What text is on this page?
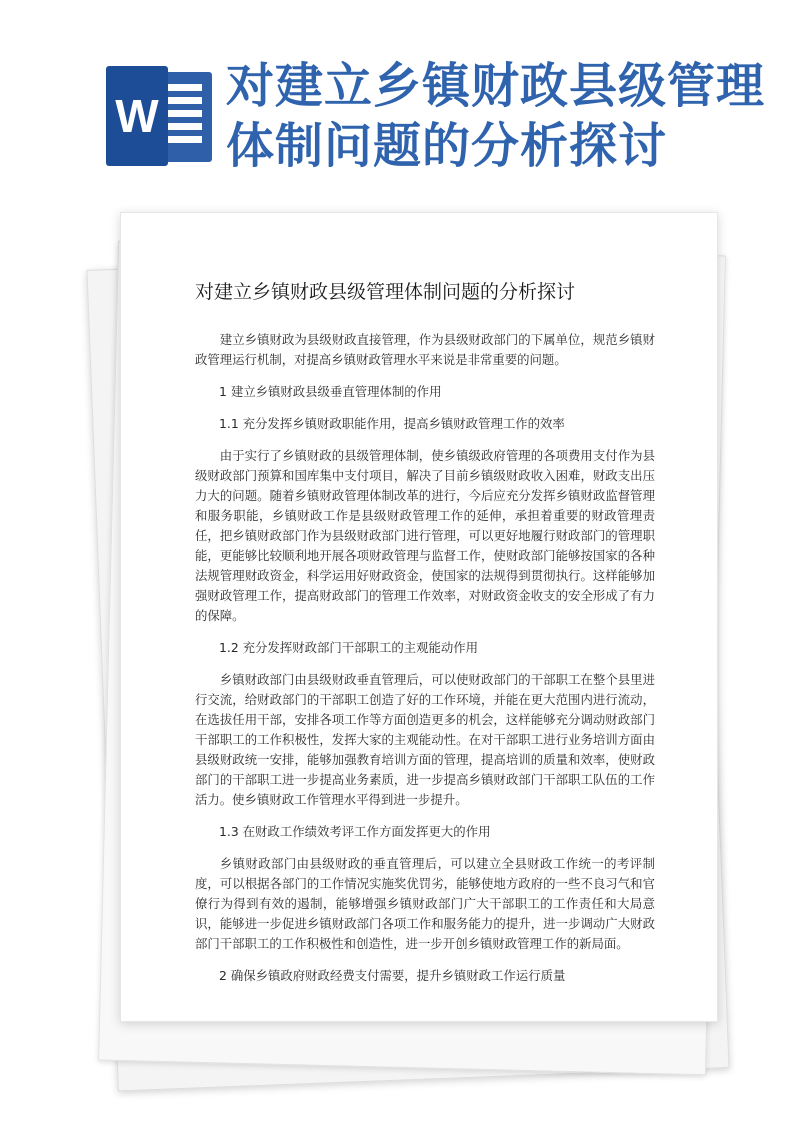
W
对建立乡镇财政县级管理体制问题的分析探讨
对建立乡镇财政县级管理体制问题的分析探讨

建立乡镇财政为县级财政直接管理，作为县级财政部门的下属单位，规范乡镇财政管理运行机制，对提高乡镇财政管理水平来说是非常重要的问题。

1 建立乡镇财政县级垂直管理体制的作用

1.1 充分发挥乡镇财政职能作用，提高乡镇财政管理工作的效率

由于实行了乡镇财政的县级管理体制，使乡镇级政府管理的各项费用支付作为县级财政部门预算和国库集中支付项目，解决了目前乡镇级财政收入困难，财政支出压力大的问题。随着乡镇财政管理体制改革的进行，今后应充分发挥乡镇财政监督管理和服务职能，乡镇财政工作是县级财政管理工作的延伸，承担着重要的财政管理责任，把乡镇财政部门作为县级财政部门进行管理，可以更好地履行财政部门的管理职能，更能够比较顺利地开展各项财政管理与监督工作，使财政部门能够按国家的各种法规管理财政资金，科学运用好财政资金，使国家的法规得到贯彻执行。这样能够加强财政管理工作，提高财政部门的管理工作效率，对财政资金收支的安全形成了有力的保障。

1.2 充分发挥财政部门干部职工的主观能动作用

乡镇财政部门由县级财政垂直管理后，可以使财政部门的干部职工在整个县里进行交流，给财政部门的干部职工创造了好的工作环境，并能在更大范围内进行流动，在选拔任用干部，安排各项工作等方面创造更多的机会，这样能够充分调动财政部门干部职工的工作积极性，发挥大家的主观能动性。在对干部职工进行业务培训方面由县级财政统一安排，能够加强教育培训方面的管理，提高培训的质量和效率，使财政部门的干部职工进一步提高业务素质，进一步提高乡镇财政部门干部职工队伍的工作活力。使乡镇财政工作管理水平得到进一步提升。

1.3 在财政工作绩效考评工作方面发挥更大的作用

乡镇财政部门由县级财政的垂直管理后，可以建立全县财政工作统一的考评制度，可以根据各部门的工作情况实施奖优罚劣，能够使地方政府的一些不良习气和官僚行为得到有效的遏制，能够增强乡镇财政部门广大干部职工的工作责任和大局意识，能够进一步促进乡镇财政部门各项工作和服务能力的提升，进一步调动广大财政部门干部职工的工作积极性和创造性，进一步开创乡镇财政管理工作的新局面。

2 确保乡镇政府财政经费支付需要，提升乡镇财政工作运行质量
